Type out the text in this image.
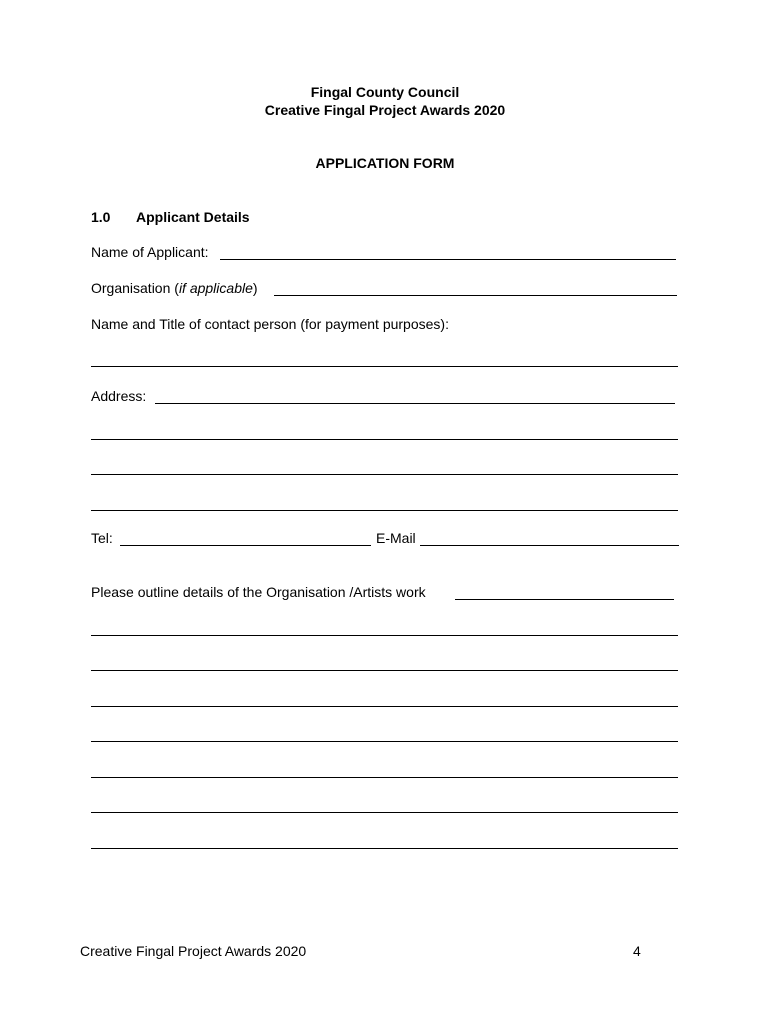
Fingal County Council
Creative Fingal Project Awards 2020
APPLICATION FORM
1.0 Applicant Details
Name of Applicant:
Organisation (if applicable)
Name and Title of contact person (for payment purposes):
Address:
Tel:	E-Mail
Please outline details of the Organisation /Artists work
Creative Fingal Project Awards 2020	4
